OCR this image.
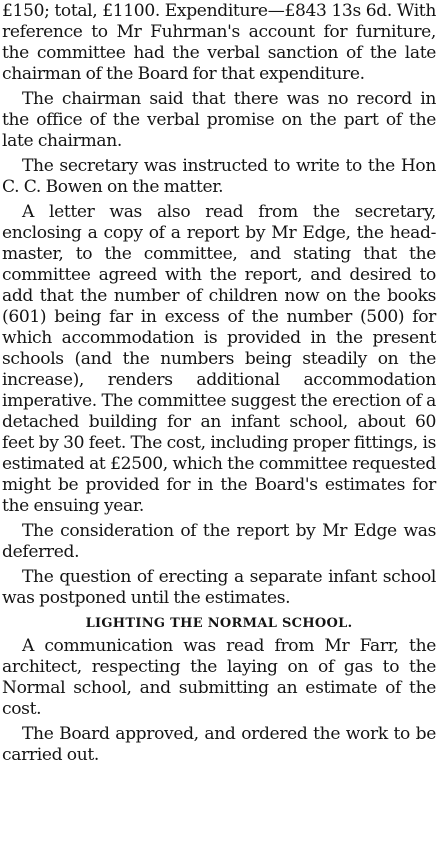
£150; total, £1100. Expenditure—£843 13s 6d. With reference to Mr Fuhrman's account for furniture, the committee had the verbal sanction of the late chairman of the Board for that expenditure.

The chairman said that there was no record in the office of the verbal promise on the part of the late chairman.

The secretary was instructed to write to the Hon C. C. Bowen on the matter.

A letter was also read from the secretary, enclosing a copy of a report by Mr Edge, the head-master, to the committee, and stating that the committee agreed with the report, and desired to add that the number of children now on the books (601) being far in excess of the number (500) for which accommodation is provided in the present schools (and the numbers being steadily on the increase), renders additional accommodation imperative. The committee suggest the erection of a detached building for an infant school, about 60 feet by 30 feet. The cost, including proper fittings, is estimated at £2500, which the committee requested might be provided for in the Board's estimates for the ensuing year.

The consideration of the report by Mr Edge was deferred.

The question of erecting a separate infant school was postponed until the estimates.

LIGHTING THE NORMAL SCHOOL.

A communication was read from Mr Farr, the architect, respecting the laying on of gas to the Normal school, and submitting an estimate of the cost.

The Board approved, and ordered the work to be carried out.
